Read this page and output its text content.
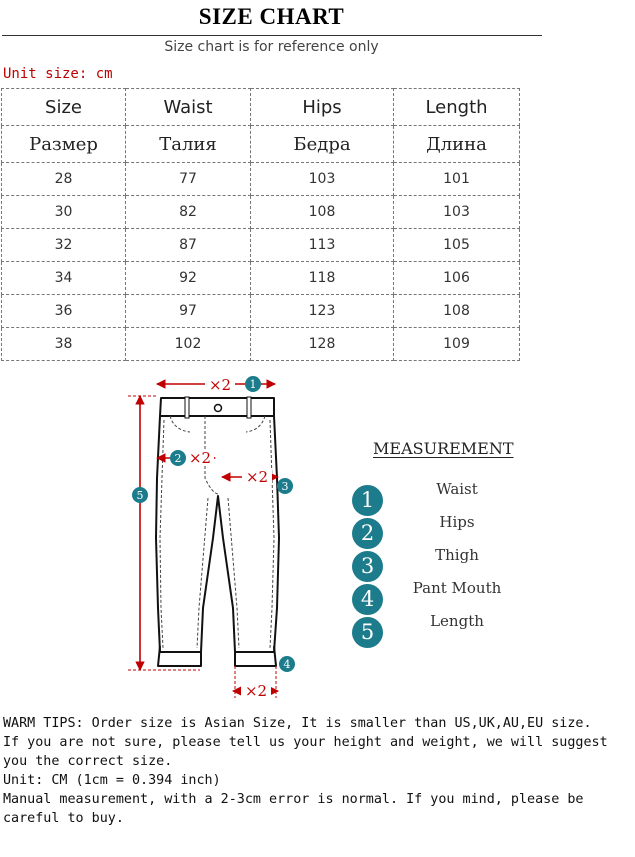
SIZE CHART
Size chart is for reference only
Unit size: cm
Size	Waist	Hips	Length
Размер	Талия	Бедра	Длина
28	77	103	101
30	82	108	103
32	87	113	105
34	92	118	106
36	97	123	108
38	102	128	109
×2 1
2 ×2
×2
3
5
×2
4
MEASUREMENT
1	Waist
2	Hips
3	Thigh
4	Pant Mouth
5	Length

WARM TIPS: Order size is Asian Size, It is smaller than US,UK,AU,EU size.

If you are not sure, please tell us your height and weight, we will suggest you the correct size.

Unit: CM (1cm = 0.394 inch)

Manual measurement, with a 2-3cm error is normal. If you mind, please be careful to buy.
